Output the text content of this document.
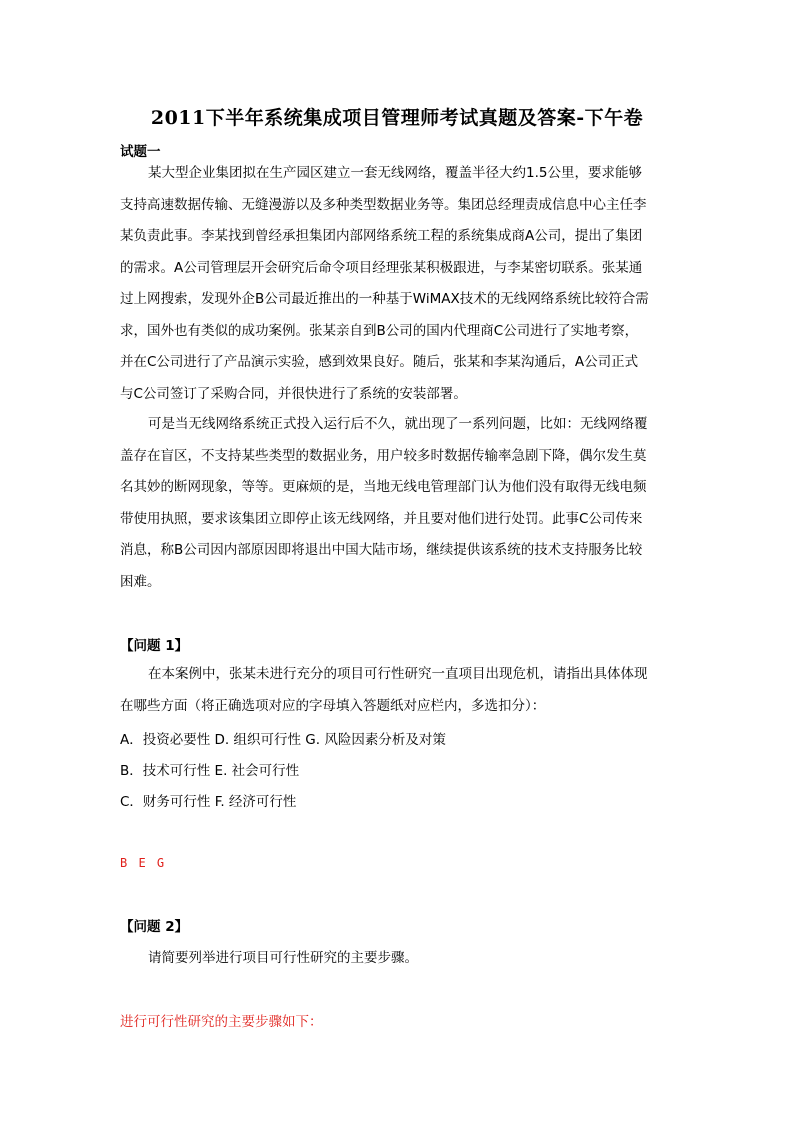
2011下半年系统集成项目管理师考试真题及答案-下午卷
试题一
某大型企业集团拟在生产园区建立一套无线网络，覆盖半径大约1.5公里，要求能够
支持高速数据传输、无缝漫游以及多种类型数据业务等。集团总经理责成信息中心主任李
某负责此事。李某找到曾经承担集团内部网络系统工程的系统集成商A公司，提出了集团
的需求。A公司管理层开会研究后命令项目经理张某积极跟进，与李某密切联系。张某通
过上网搜索，发现外企B公司最近推出的一种基于WiMAX技术的无线网络系统比较符合需
求，国外也有类似的成功案例。张某亲自到B公司的国内代理商C公司进行了实地考察，
并在C公司进行了产品演示实验，感到效果良好。随后，张某和李某沟通后，A公司正式
与C公司签订了采购合同，并很快进行了系统的安装部署。
可是当无线网络系统正式投入运行后不久，就出现了一系列问题，比如：无线网络覆
盖存在盲区，不支持某些类型的数据业务，用户较多时数据传输率急剧下降，偶尔发生莫
名其妙的断网现象，等等。更麻烦的是，当地无线电管理部门认为他们没有取得无线电频
带使用执照，要求该集团立即停止该无线网络，并且要对他们进行处罚。此事C公司传来
消息，称B公司因内部原因即将退出中国大陆市场，继续提供该系统的技术支持服务比较
困难。
【问题 1】
在本案例中，张某未进行充分的项目可行性研究一直项目出现危机，请指出具体体现
在哪些方面（将正确选项对应的字母填入答题纸对应栏内，多选扣分）：
A．投资必要性 D. 组织可行性 G. 风险因素分析及对策
B．技术可行性 E. 社会可行性
C．财务可行性 F. 经济可行性
B E G
【问题 2】
请简要列举进行项目可行性研究的主要步骤。
进行可行性研究的主要步骤如下：
